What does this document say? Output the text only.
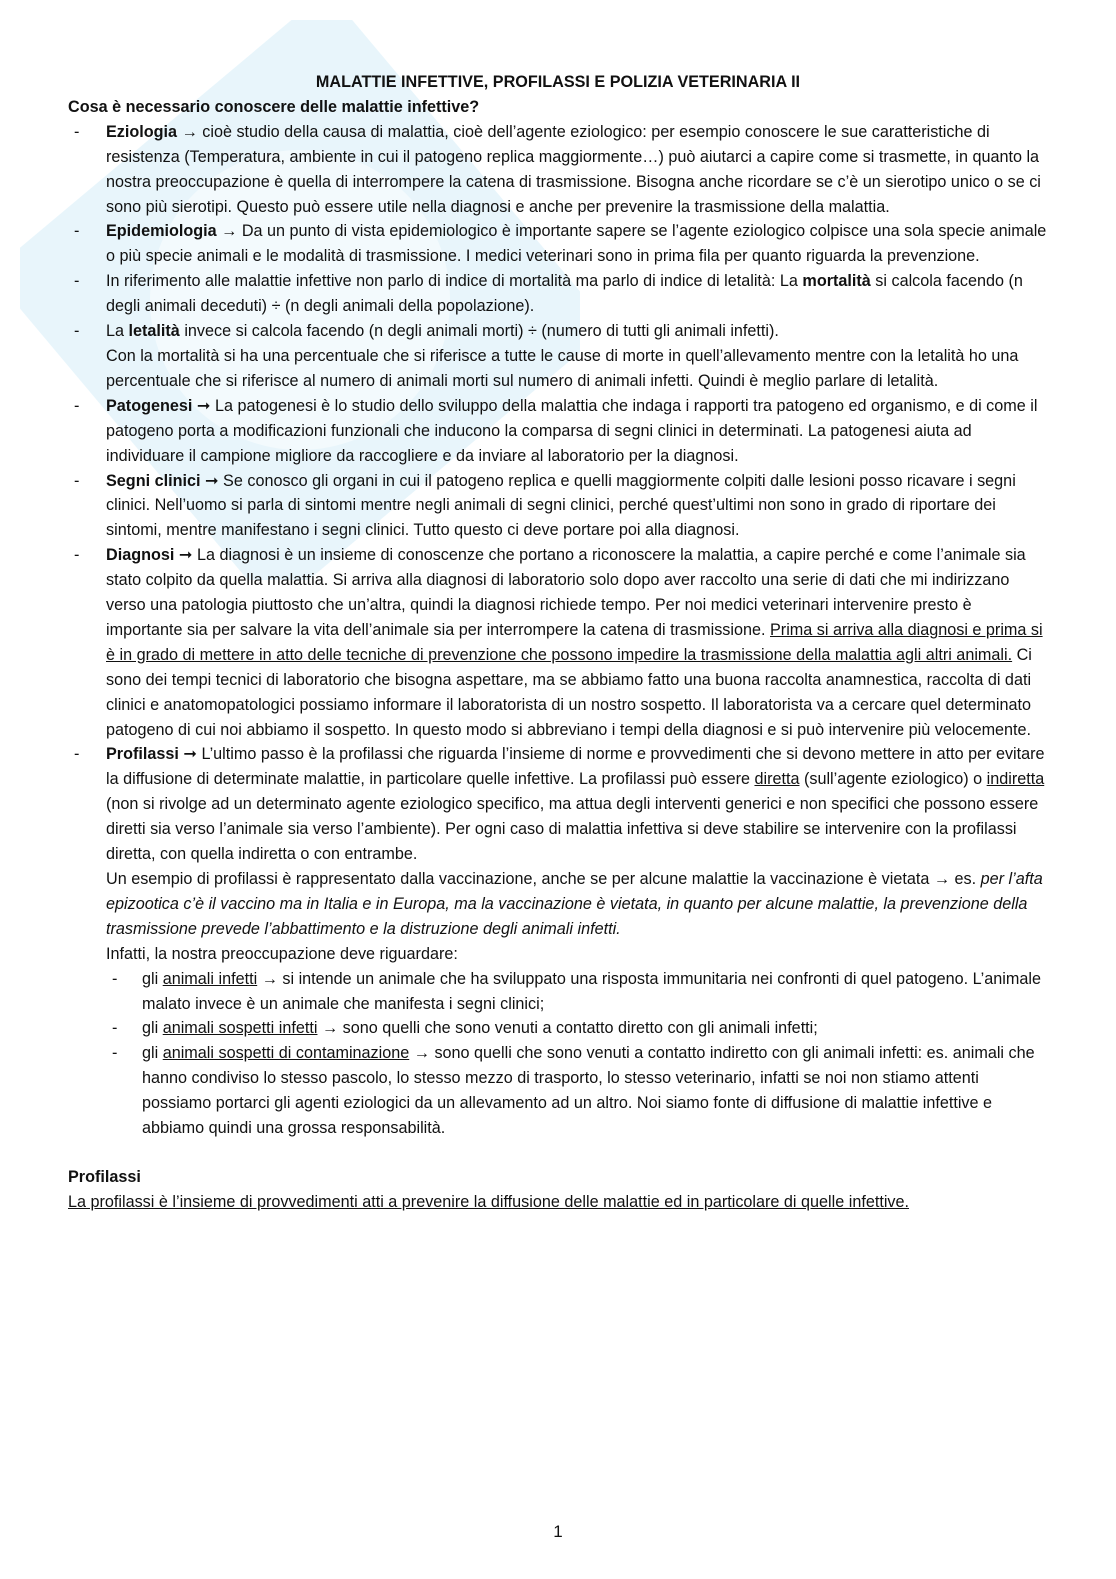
MALATTIE INFETTIVE, PROFILASSI E POLIZIA VETERINARIA II

Cosa è necessario conoscere delle malattie infettive?

- Eziologia → cioè studio della causa di malattia, cioè dell’agente eziologico: per esempio conoscere le sue caratteristiche di resistenza (Temperatura, ambiente in cui il patogeno replica maggiormente…) può aiutarci a capire come si trasmette, in quanto la nostra preoccupazione è quella di interrompere la catena di trasmissione. Bisogna anche ricordare se c’è un sierotipo unico o se ci sono più sierotipi. Questo può essere utile nella diagnosi e anche per prevenire la trasmissione della malattia.
- Epidemiologia → Da un punto di vista epidemiologico è importante sapere se l’agente eziologico colpisce una sola specie animale o più specie animali e le modalità di trasmissione. I medici veterinari sono in prima fila per quanto riguarda la prevenzione.
- In riferimento alle malattie infettive non parlo di indice di mortalità ma parlo di indice di letalità: La mortalità si calcola facendo (n degli animali deceduti) ÷ (n degli animali della popolazione).
- La letalità invece si calcola facendo (n degli animali morti) ÷ (numero di tutti gli animali infetti).
Con la mortalità si ha una percentuale che si riferisce a tutte le cause di morte in quell’allevamento mentre con la letalità ho una percentuale che si riferisce al numero di animali morti sul numero di animali infetti. Quindi è meglio parlare di letalità.
- Patogenesi ➞ La patogenesi è lo studio dello sviluppo della malattia che indaga i rapporti tra patogeno ed organismo, e di come il patogeno porta a modificazioni funzionali che inducono la comparsa di segni clinici in determinati. La patogenesi aiuta ad individuare il campione migliore da raccogliere e da inviare al laboratorio per la diagnosi.
- Segni clinici ➞ Se conosco gli organi in cui il patogeno replica e quelli maggiormente colpiti dalle lesioni posso ricavare i segni clinici. Nell’uomo si parla di sintomi mentre negli animali di segni clinici, perché quest’ultimi non sono in grado di riportare dei sintomi, mentre manifestano i segni clinici. Tutto questo ci deve portare poi alla diagnosi.
- Diagnosi ➞ La diagnosi è un insieme di conoscenze che portano a riconoscere la malattia, a capire perché e come l’animale sia stato colpito da quella malattia. Si arriva alla diagnosi di laboratorio solo dopo aver raccolto una serie di dati che mi indirizzano verso una patologia piuttosto che un’altra, quindi la diagnosi richiede tempo. Per noi medici veterinari intervenire presto è importante sia per salvare la vita dell’animale sia per interrompere la catena di trasmissione. Prima si arriva alla diagnosi e prima si è in grado di mettere in atto delle tecniche di prevenzione che possono impedire la trasmissione della malattia agli altri animali. Ci sono dei tempi tecnici di laboratorio che bisogna aspettare, ma se abbiamo fatto una buona raccolta anamnestica, raccolta di dati clinici e anatomopatologici possiamo informare il laboratorista di un nostro sospetto. Il laboratorista va a cercare quel determinato patogeno di cui noi abbiamo il sospetto. In questo modo si abbreviano i tempi della diagnosi e si può intervenire più velocemente.
- Profilassi ➞ L’ultimo passo è la profilassi che riguarda l’insieme di norme e provvedimenti che si devono mettere in atto per evitare la diffusione di determinate malattie, in particolare quelle infettive. La profilassi può essere diretta (sull’agente eziologico) o indiretta (non si rivolge ad un determinato agente eziologico specifico, ma attua degli interventi generici e non specifici che possono essere diretti sia verso l’animale sia verso l’ambiente). Per ogni caso di malattia infettiva si deve stabilire se intervenire con la profilassi diretta, con quella indiretta o con entrambe.
Un esempio di profilassi è rappresentato dalla vaccinazione, anche se per alcune malattie la vaccinazione è vietata → es. per l’afta epizootica c’è il vaccino ma in Italia e in Europa, ma la vaccinazione è vietata, in quanto per alcune malattie, la prevenzione della trasmissione prevede l’abbattimento e la distruzione degli animali infetti.
Infatti, la nostra preoccupazione deve riguardare:
- gli animali infetti → si intende un animale che ha sviluppato una risposta immunitaria nei confronti di quel patogeno. L’animale malato invece è un animale che manifesta i segni clinici;
- gli animali sospetti infetti → sono quelli che sono venuti a contatto diretto con gli animali infetti;
- gli animali sospetti di contaminazione → sono quelli che sono venuti a contatto indiretto con gli animali infetti: es. animali che hanno condiviso lo stesso pascolo, lo stesso mezzo di trasporto, lo stesso veterinario, infatti se noi non stiamo attenti possiamo portarci gli agenti eziologici da un allevamento ad un altro. Noi siamo fonte di diffusione di malattie infettive e abbiamo quindi una grossa responsabilità.

Profilassi

La profilassi è l’insieme di provvedimenti atti a prevenire la diffusione delle malattie ed in particolare di quelle infettive.

1
